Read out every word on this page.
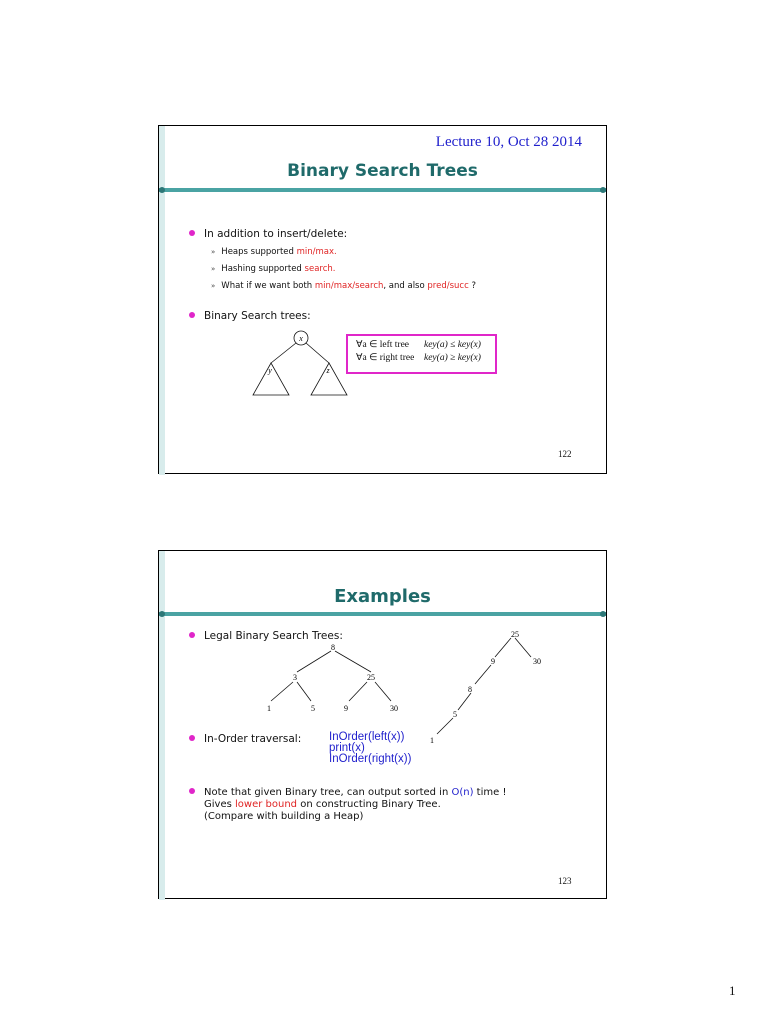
Lecture 10, Oct 28 2014
Binary Search Trees
In addition to insert/delete:
» Heaps supported min/max.
» Hashing supported search.
» What if we want both min/max/search, and also pred/succ ?
Binary Search trees:
x
y	z
∀a ∈ left tree	key(a) ≤ key(x)
∀a ∈ right tree	key(a) ≥ key(x)
122
Examples
Legal Binary Search Trees:
8
3	25
1	5	9	30
25
9	30
8
5
1
In-Order traversal: InOrder(left(x))
print(x)
InOrder(right(x))
Note that given Binary tree, can output sorted in O(n) time !
Gives lower bound on constructing Binary Tree.
(Compare with building a Heap)
123
1
